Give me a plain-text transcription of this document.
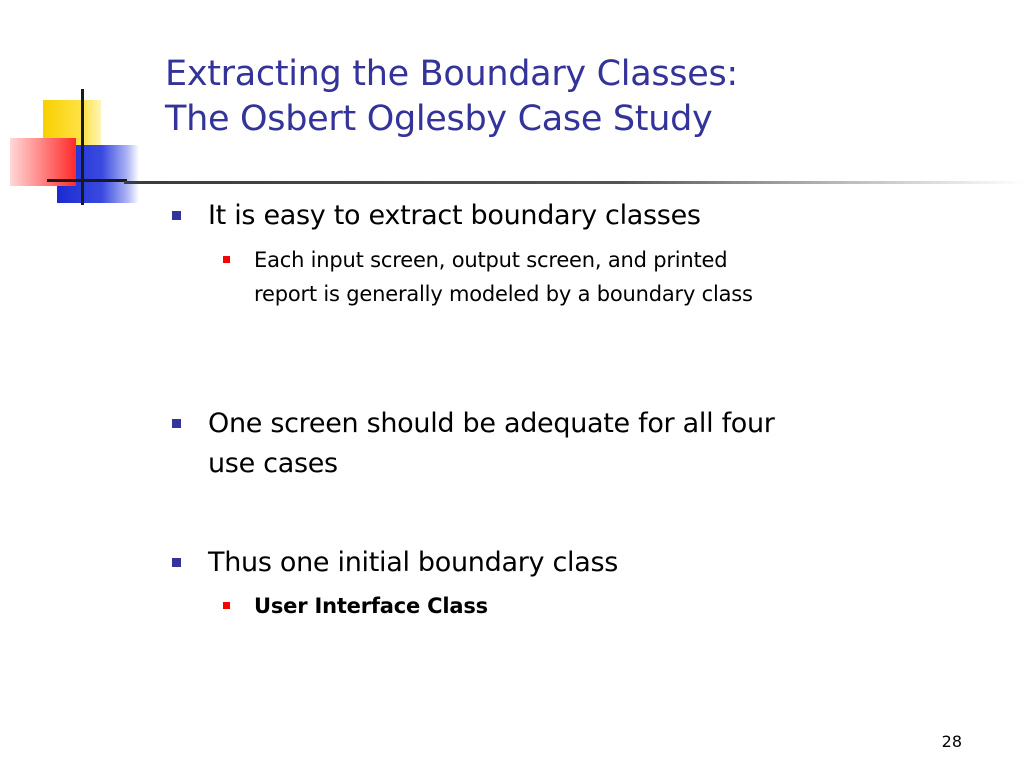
Extracting the Boundary Classes:
The Osbert Oglesby Case Study

It is easy to extract boundary classes

Each input screen, output screen, and printed report is generally modeled by a boundary class

One screen should be adequate for all four use cases

Thus one initial boundary class

User Interface Class

28
